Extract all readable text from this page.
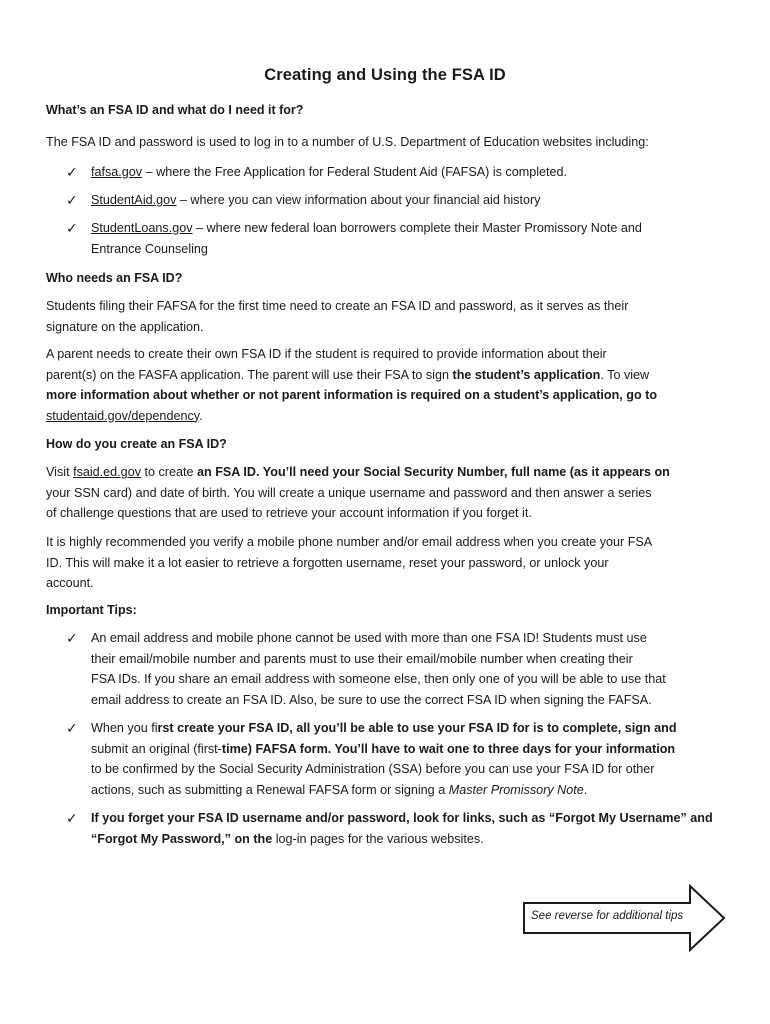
Creating and Using the FSA ID
What’s an FSA ID and what do I need it for?
The FSA ID and password is used to log in to a number of U.S. Department of Education websites including:
✓	fafsa.gov – where the Free Application for Federal Student Aid (FAFSA) is completed.
✓	StudentAid.gov – where you can view information about your financial aid history
✓	StudentLoans.gov – where new federal loan borrowers complete their Master Promissory Note and
Entrance Counseling
Who needs an FSA ID?
Students filing their FAFSA for the first time need to create an FSA ID and password, as it serves as their
signature on the application.
A parent needs to create their own FSA ID if the student is required to provide information about their
parent(s) on the FASFA application. The parent will use their FSA to sign the student’s application. To view
more information about whether or not parent information is required on a student’s application, go to
studentaid.gov/dependency.
How do you create an FSA ID?
Visit fsaid.ed.gov to create an FSA ID. You’ll need your Social Security Number, full name (as it appears on
your SSN card) and date of birth. You will create a unique username and password and then answer a series
of challenge questions that are used to retrieve your account information if you forget it.
It is highly recommended you verify a mobile phone number and/or email address when you create your FSA
ID. This will make it a lot easier to retrieve a forgotten username, reset your password, or unlock your
account.
Important Tips:
✓	An email address and mobile phone cannot be used with more than one FSA ID! Students must use
their email/mobile number and parents must to use their email/mobile number when creating their
FSA IDs. If you share an email address with someone else, then only one of you will be able to use that
email address to create an FSA ID. Also, be sure to use the correct FSA ID when signing the FAFSA.
✓	When you first create your FSA ID, all you’ll be able to use your FSA ID for is to complete, sign and
submit an original (first-time) FAFSA form. You’ll have to wait one to three days for your information
to be confirmed by the Social Security Administration (SSA) before you can use your FSA ID for other
actions, such as submitting a Renewal FAFSA form or signing a Master Promissory Note.
✓	If you forget your FSA ID username and/or password, look for links, such as “Forgot My Username” and
“Forgot My Password,” on the log-in pages for the various websites.
See reverse for additional tips
